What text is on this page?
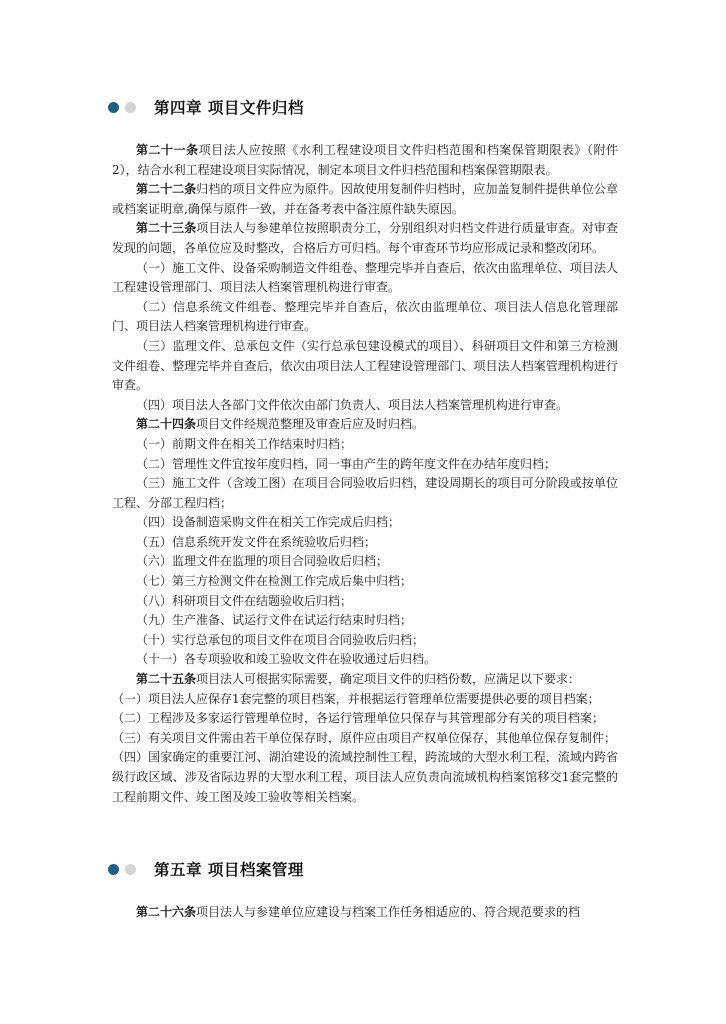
第四章 项目文件归档

第二十一条项目法人应按照《水利工程建设项目文件归档范围和档案保管期限表》（附件2），结合水利工程建设项目实际情况，制定本项目文件归档范围和档案保管期限表。

第二十二条归档的项目文件应为原件。因故使用复制件归档时，应加盖复制件提供单位公章或档案证明章,确保与原件一致，并在备考表中备注原件缺失原因。

第二十三条项目法人与参建单位按照职责分工，分别组织对归档文件进行质量审查。对审查发现的问题，各单位应及时整改，合格后方可归档。每个审查环节均应形成记录和整改闭环。

（一）施工文件、设备采购制造文件组卷、整理完毕并自查后，依次由监理单位、项目法人工程建设管理部门、项目法人档案管理机构进行审查。

（二）信息系统文件组卷、整理完毕并自查后，依次由监理单位、项目法人信息化管理部门、项目法人档案管理机构进行审查。

（三）监理文件、总承包文件（实行总承包建设模式的项目）、科研项目文件和第三方检测文件组卷、整理完毕并自查后，依次由项目法人工程建设管理部门、项目法人档案管理机构进行审查。

（四）项目法人各部门文件依次由部门负责人、项目法人档案管理机构进行审查。

第二十四条项目文件经规范整理及审查后应及时归档。

（一）前期文件在相关工作结束时归档；

（二）管理性文件宜按年度归档，同一事由产生的跨年度文件在办结年度归档；

（三）施工文件（含竣工图）在项目合同验收后归档，建设周期长的项目可分阶段或按单位工程、分部工程归档；

（四）设备制造采购文件在相关工作完成后归档；

（五）信息系统开发文件在系统验收后归档；

（六）监理文件在监理的项目合同验收后归档；

（七）第三方检测文件在检测工作完成后集中归档；

（八）科研项目文件在结题验收后归档；

（九）生产准备、试运行文件在试运行结束时归档；

（十）实行总承包的项目文件在项目合同验收后归档；

（十一）各专项验收和竣工验收文件在验收通过后归档。

第二十五条项目法人可根据实际需要，确定项目文件的归档份数，应满足以下要求：

（一）项目法人应保存1套完整的项目档案，并根据运行管理单位需要提供必要的项目档案；

（二）工程涉及多家运行管理单位时，各运行管理单位只保存与其管理部分有关的项目档案；

（三）有关项目文件需由若干单位保存时，原件应由项目产权单位保存，其他单位保存复制件；

（四）国家确定的重要江河、湖泊建设的流域控制性工程，跨流域的大型水利工程，流域内跨省级行政区域、涉及省际边界的大型水利工程，项目法人应负责向流域机构档案馆移交1套完整的工程前期文件、竣工图及竣工验收等相关档案。

第五章 项目档案管理

第二十六条项目法人与参建单位应建设与档案工作任务相适应的、符合规范要求的档
